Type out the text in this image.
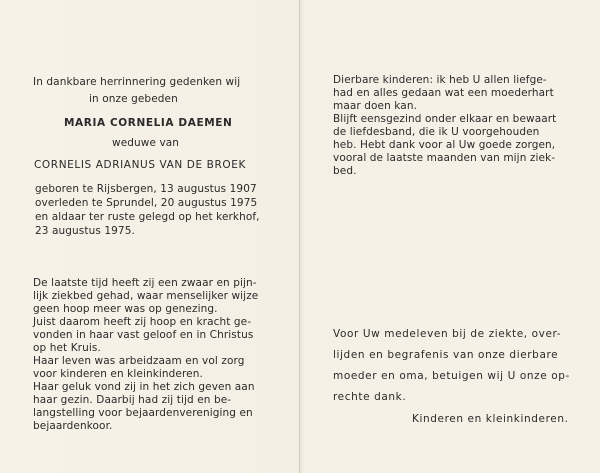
In dankbare herrinnering gedenken wij
in onze gebeden
MARIA CORNELIA DAEMEN
weduwe van
CORNELIS ADRIANUS VAN DE BROEK
geboren te Rijsbergen, 13 augustus 1907
overleden te Sprundel, 20 augustus 1975
en aldaar ter ruste gelegd op het kerkhof,
23 augustus 1975.
De laatste tijd heeft zij een zwaar en pijn-
lijk ziekbed gehad, waar menselijker wijze
geen hoop meer was op genezing.
Juist daarom heeft zij hoop en kracht ge-
vonden in haar vast geloof en in Christus
op het Kruis.
Haar leven was arbeidzaam en vol zorg
voor kinderen en kleinkinderen.
Haar geluk vond zij in het zich geven aan
haar gezin. Daarbij had zij tijd en be-
langstelling voor bejaardenvereniging en
bejaardenkoor.
Dierbare kinderen: ik heb U allen liefge-
had en alles gedaan wat een moederhart
maar doen kan.
Blijft eensgezind onder elkaar en bewaart
de liefdesband, die ik U voorgehouden
heb. Hebt dank voor al Uw goede zorgen,
vooral de laatste maanden van mijn ziek-
bed.
Voor Uw medeleven bij de ziekte, over-
lijden en begrafenis van onze dierbare
moeder en oma, betuigen wij U onze op-
rechte dank.
Kinderen en kleinkinderen.
